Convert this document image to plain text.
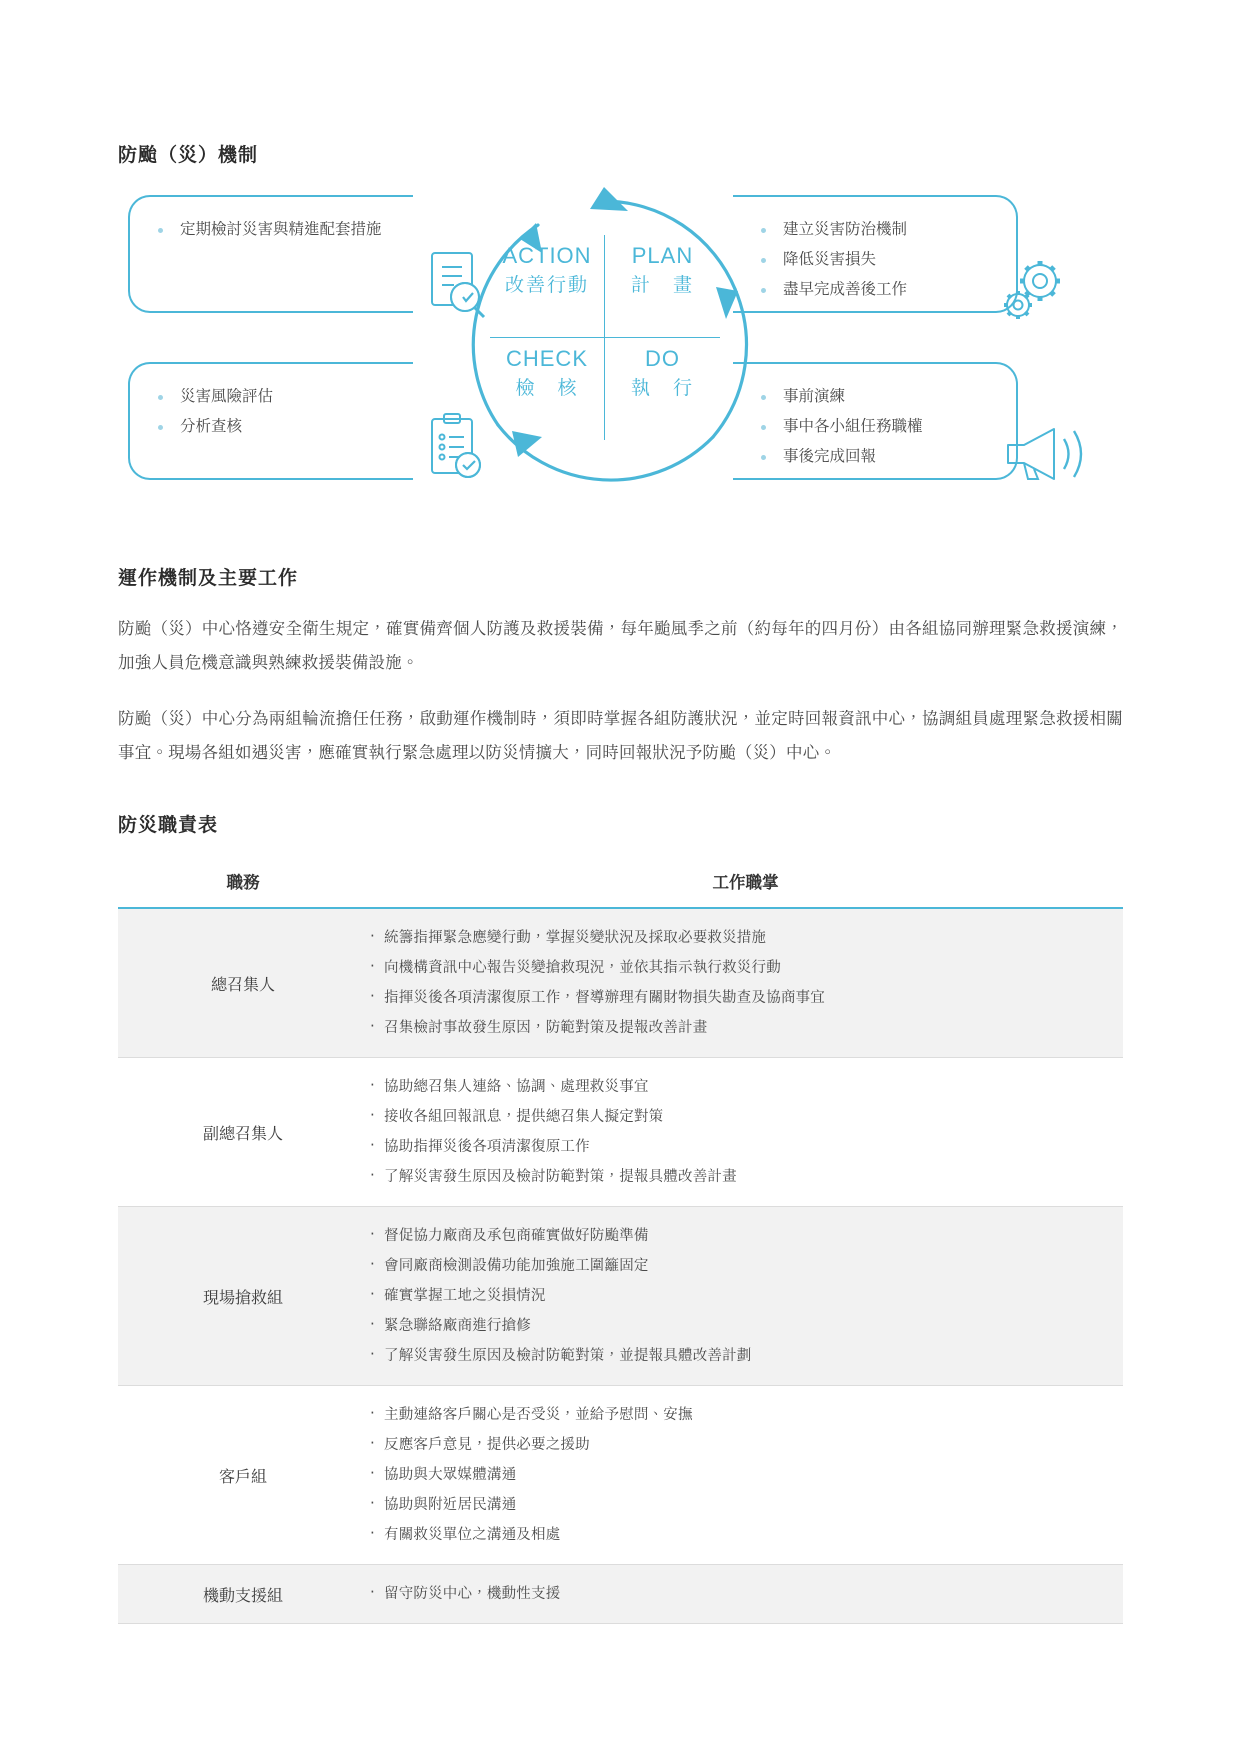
防颱（災）機制
定期檢討災害與精進配套措施
災害風險評估
分析查核
建立災害防治機制
降低災害損失
盡早完成善後工作
事前演練
事中各小組任務職權
事後完成回報
ACTION
改善行動
PLAN
計　畫
CHECK
檢　核
DO
執　行
運作機制及主要工作

防颱（災）中心恪遵安全衛生規定，確實備齊個人防護及救援裝備，每年颱風季之前（約每年的四月份）由各組協同辦理緊急救援演練，加強人員危機意識與熟練救援裝備設施。

防颱（災）中心分為兩組輪流擔任任務，啟動運作機制時，須即時掌握各組防護狀況，並定時回報資訊中心，協調組員處理緊急救援相關事宜。現場各組如遇災害，應確實執行緊急處理以防災情擴大，同時回報狀況予防颱（災）中心。

防災職責表
職務	工作職掌
總召集人	
‧ 統籌指揮緊急應變行動，掌握災變狀況及採取必要救災措施
‧ 向機構資訊中心報告災變搶救現況，並依其指示執行救災行動
‧ 指揮災後各項清潔復原工作，督導辦理有關財物損失勘查及協商事宜
‧ 召集檢討事故發生原因，防範對策及提報改善計畫

副總召集人	
‧ 協助總召集人連絡、協調、處理救災事宜
‧ 接收各組回報訊息，提供總召集人擬定對策
‧ 協助指揮災後各項清潔復原工作
‧ 了解災害發生原因及檢討防範對策，提報具體改善計畫

現場搶救組	
‧ 督促協力廠商及承包商確實做好防颱準備
‧ 會同廠商檢測設備功能加強施工圍籬固定
‧ 確實掌握工地之災損情況
‧ 緊急聯絡廠商進行搶修
‧ 了解災害發生原因及檢討防範對策，並提報具體改善計劃

客戶組	
‧ 主動連絡客戶關心是否受災，並給予慰問、安撫
‧ 反應客戶意見，提供必要之援助
‧ 協助與大眾媒體溝通
‧ 協助與附近居民溝通
‧ 有關救災單位之溝通及相處

機動支援組	
‧留守防災中心，機動性支援
